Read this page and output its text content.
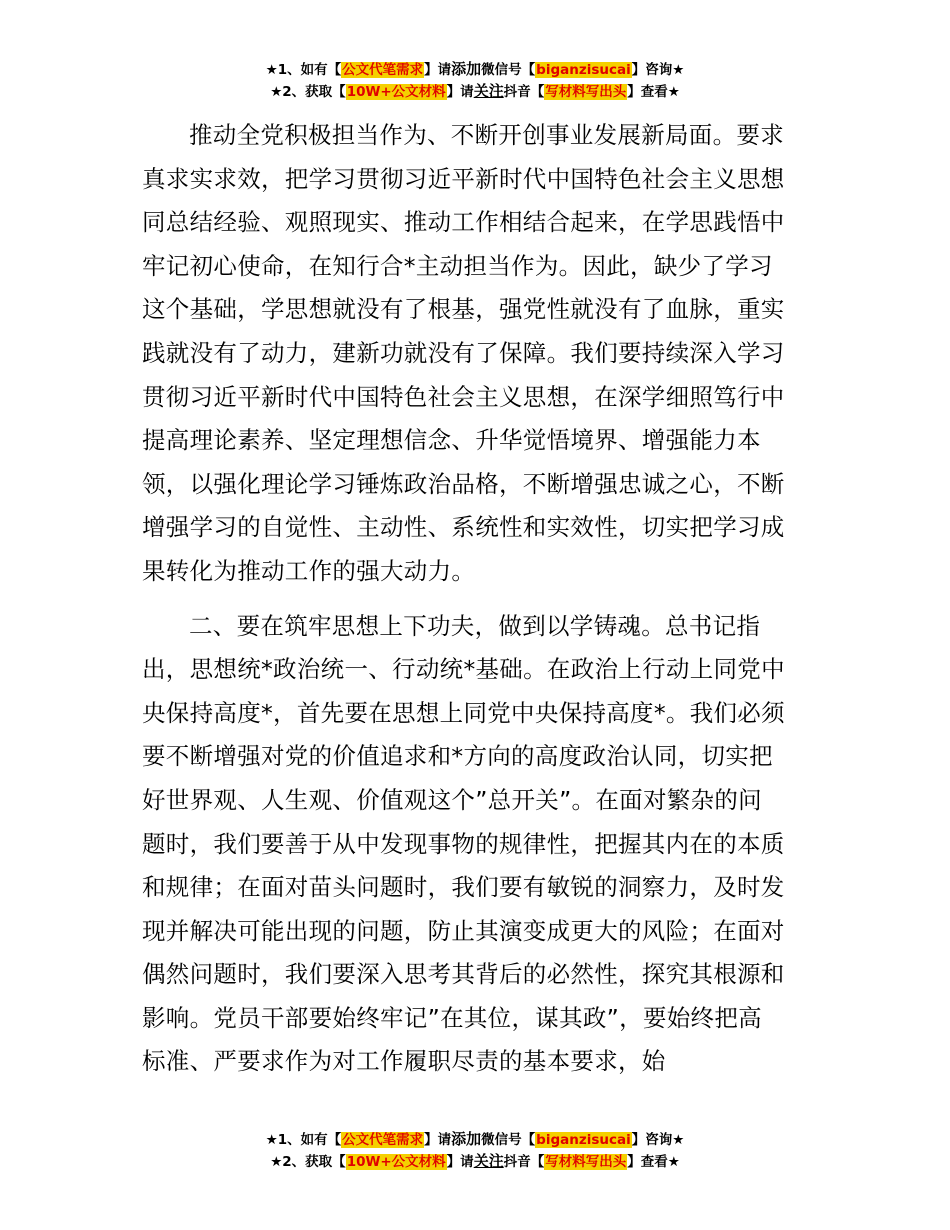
★1、如有【公文代笔需求】请添加微信号【biganzisucai】咨询★
★2、获取【10W+公文材料】请关注抖音【写材料写出头】查看★

推动全党积极担当作为、不断开创事业发展新局面。要求
真求实求效，把学习贯彻习近平新时代中国特色社会主义思想
同总结经验、观照现实、推动工作相结合起来，在学思践悟中
牢记初心使命，在知行合*主动担当作为。因此，缺少了学习
这个基础，学思想就没有了根基，强党性就没有了血脉，重实
践就没有了动力，建新功就没有了保障。我们要持续深入学习
贯彻习近平新时代中国特色社会主义思想，在深学细照笃行中
提高理论素养、坚定理想信念、升华觉悟境界、增强能力本
领，以强化理论学习锤炼政治品格，不断增强忠诚之心，不断
增强学习的自觉性、主动性、系统性和实效性，切实把学习成
果转化为推动工作的强大动力。

二、要在筑牢思想上下功夫，做到以学铸魂。总书记指
出，思想统*政治统一、行动统*基础。在政治上行动上同党中
央保持高度*，首先要在思想上同党中央保持高度*。我们必须
要不断增强对党的价值追求和*方向的高度政治认同，切实把
好世界观、人生观、价值观这个”总开关”。在面对繁杂的问
题时，我们要善于从中发现事物的规律性，把握其内在的本质
和规律；在面对苗头问题时，我们要有敏锐的洞察力，及时发
现并解决可能出现的问题，防止其演变成更大的风险；在面对
偶然问题时，我们要深入思考其背后的必然性，探究其根源和
影响。党员干部要始终牢记”在其位，谋其政”，要始终把高
标准、严要求作为对工作履职尽责的基本要求，始

★1、如有【公文代笔需求】请添加微信号【biganzisucai】咨询★
★2、获取【10W+公文材料】请关注抖音【写材料写出头】查看★
